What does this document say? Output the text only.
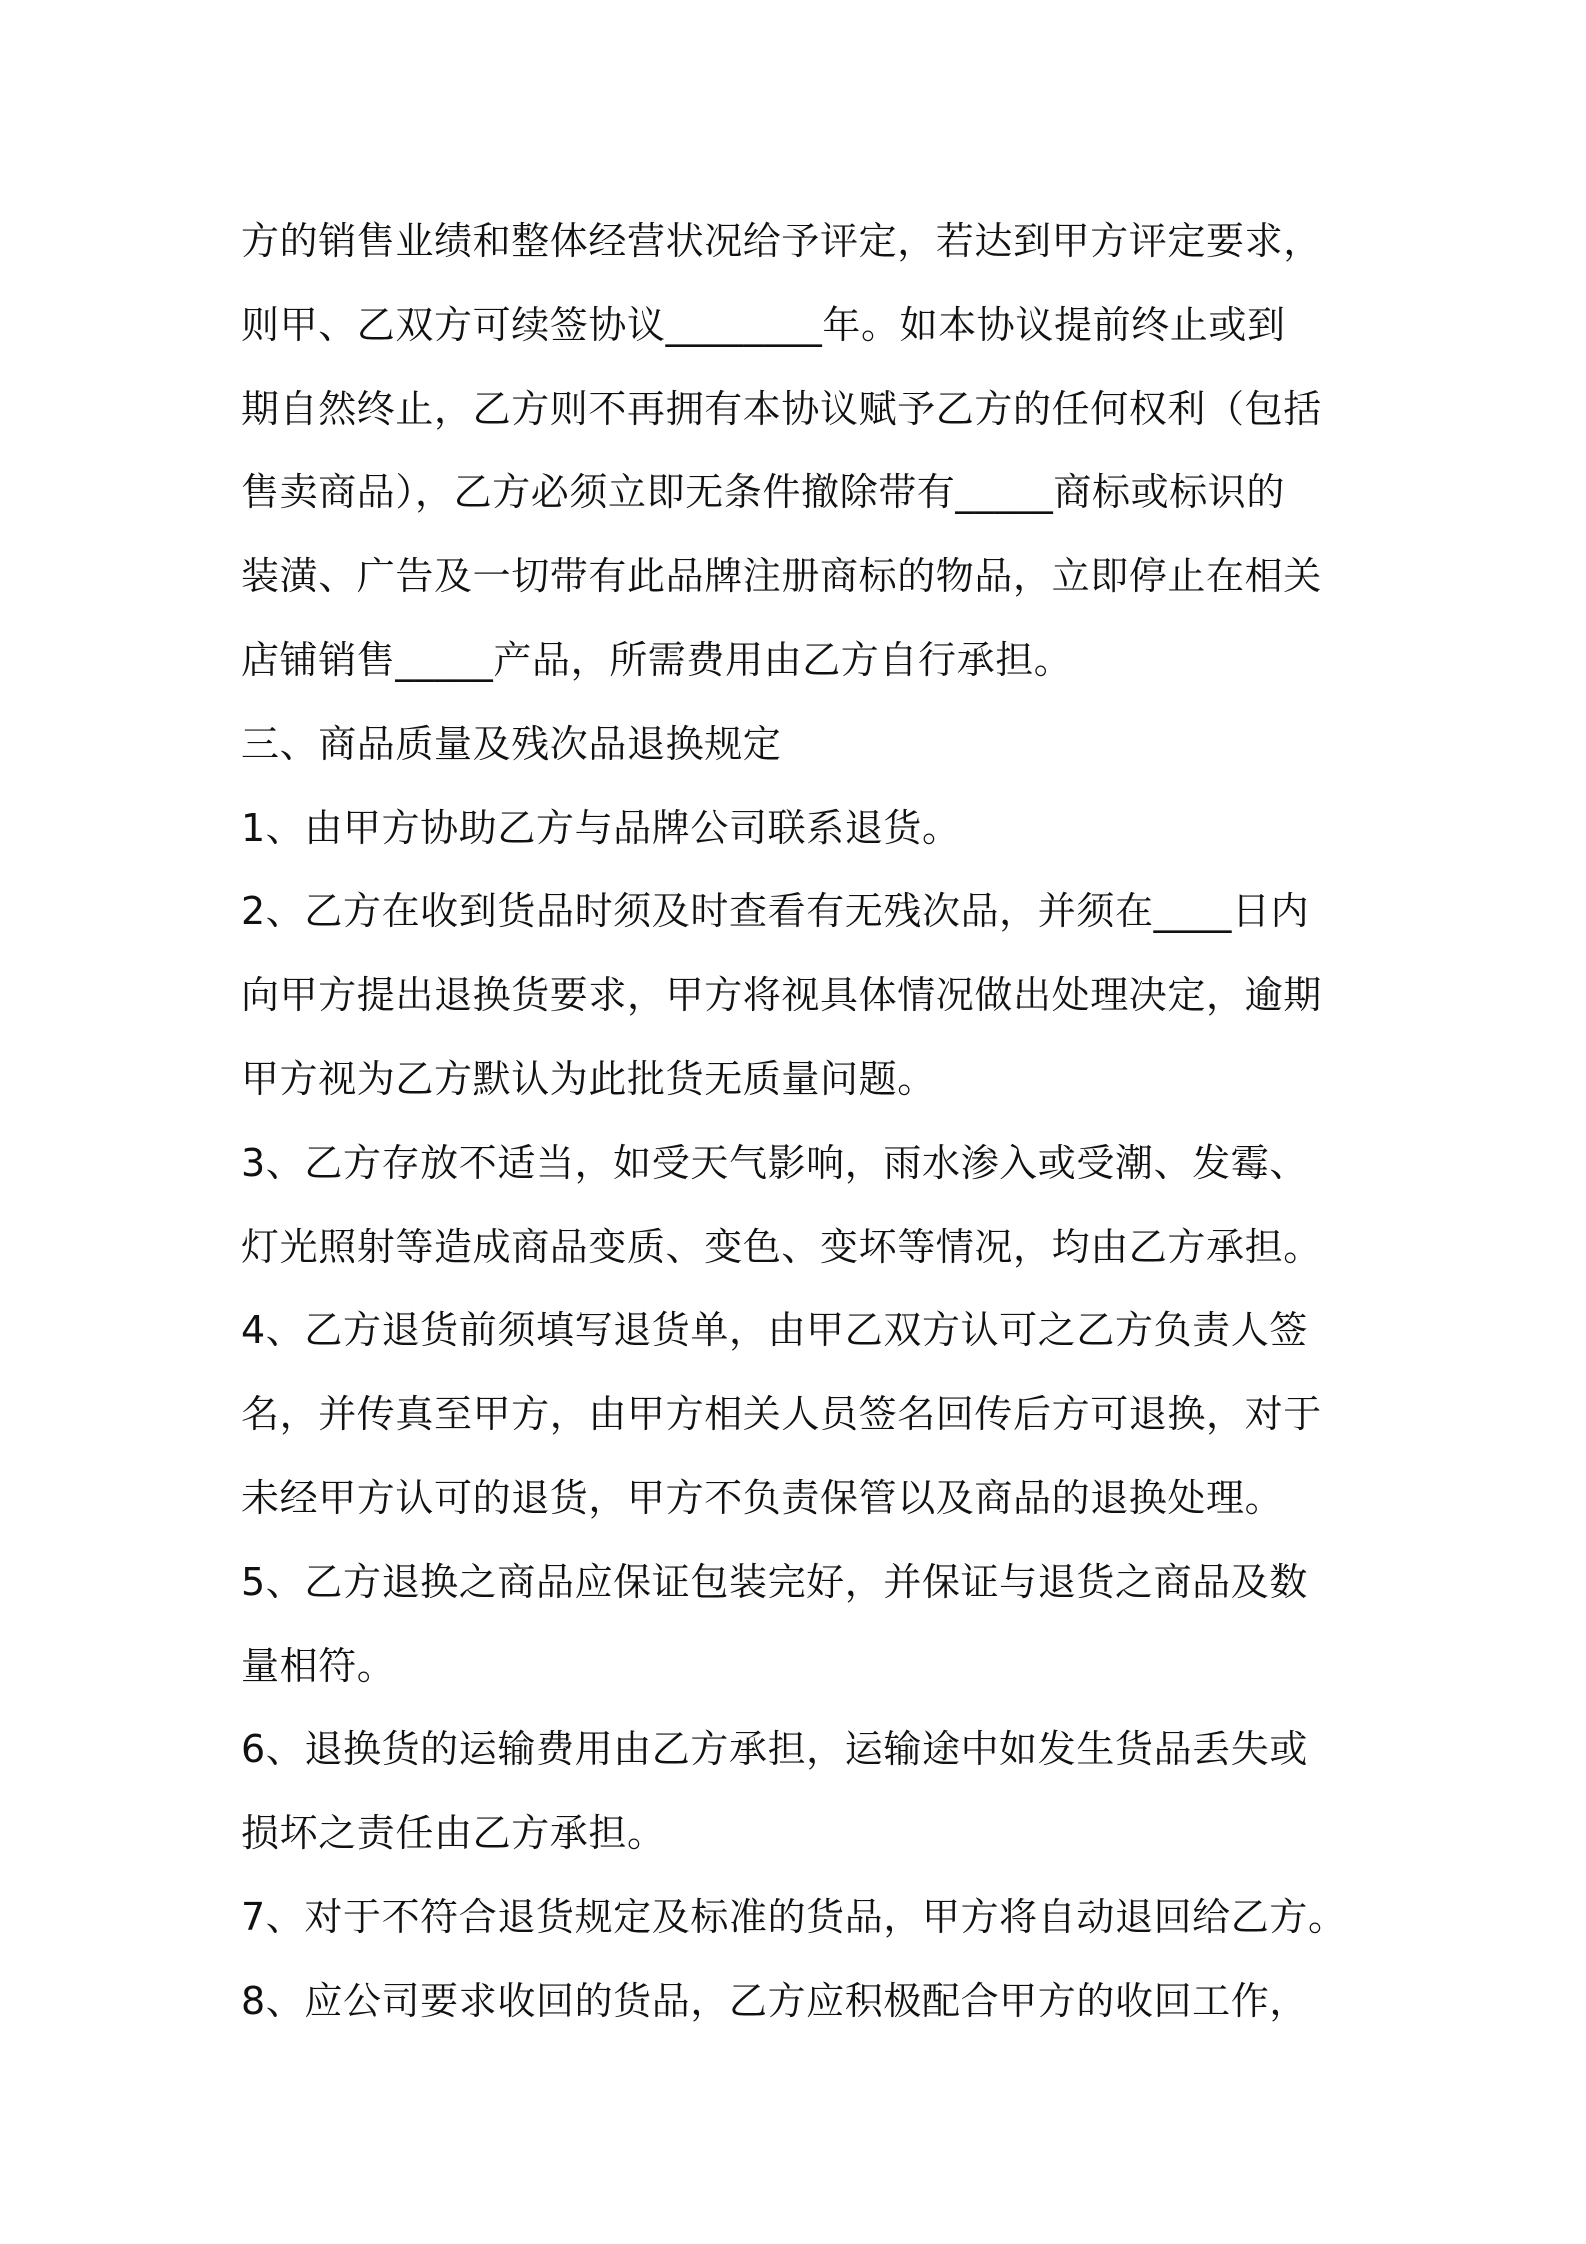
方的销售业绩和整体经营状况给予评定，若达到甲方评定要求，
则甲、乙双方可续签协议________年。如本协议提前终止或到
期自然终止，乙方则不再拥有本协议赋予乙方的任何权利（包括
售卖商品），乙方必须立即无条件撤除带有_____商标或标识的
装潢、广告及一切带有此品牌注册商标的物品，立即停止在相关
店铺销售_____产品，所需费用由乙方自行承担。
三、商品质量及残次品退换规定
1、由甲方协助乙方与品牌公司联系退货。
2、乙方在收到货品时须及时查看有无残次品，并须在____日内
向甲方提出退换货要求，甲方将视具体情况做出处理决定，逾期
甲方视为乙方默认为此批货无质量问题。
3、乙方存放不适当，如受天气影响，雨水渗入或受潮、发霉、
灯光照射等造成商品变质、变色、变坏等情况，均由乙方承担。
4、乙方退货前须填写退货单，由甲乙双方认可之乙方负责人签
名，并传真至甲方，由甲方相关人员签名回传后方可退换，对于
未经甲方认可的退货，甲方不负责保管以及商品的退换处理。
5、乙方退换之商品应保证包装完好，并保证与退货之商品及数
量相符。
6、退换货的运输费用由乙方承担，运输途中如发生货品丢失或
损坏之责任由乙方承担。
7、对于不符合退货规定及标准的货品，甲方将自动退回给乙方。
8、应公司要求收回的货品，乙方应积极配合甲方的收回工作，
